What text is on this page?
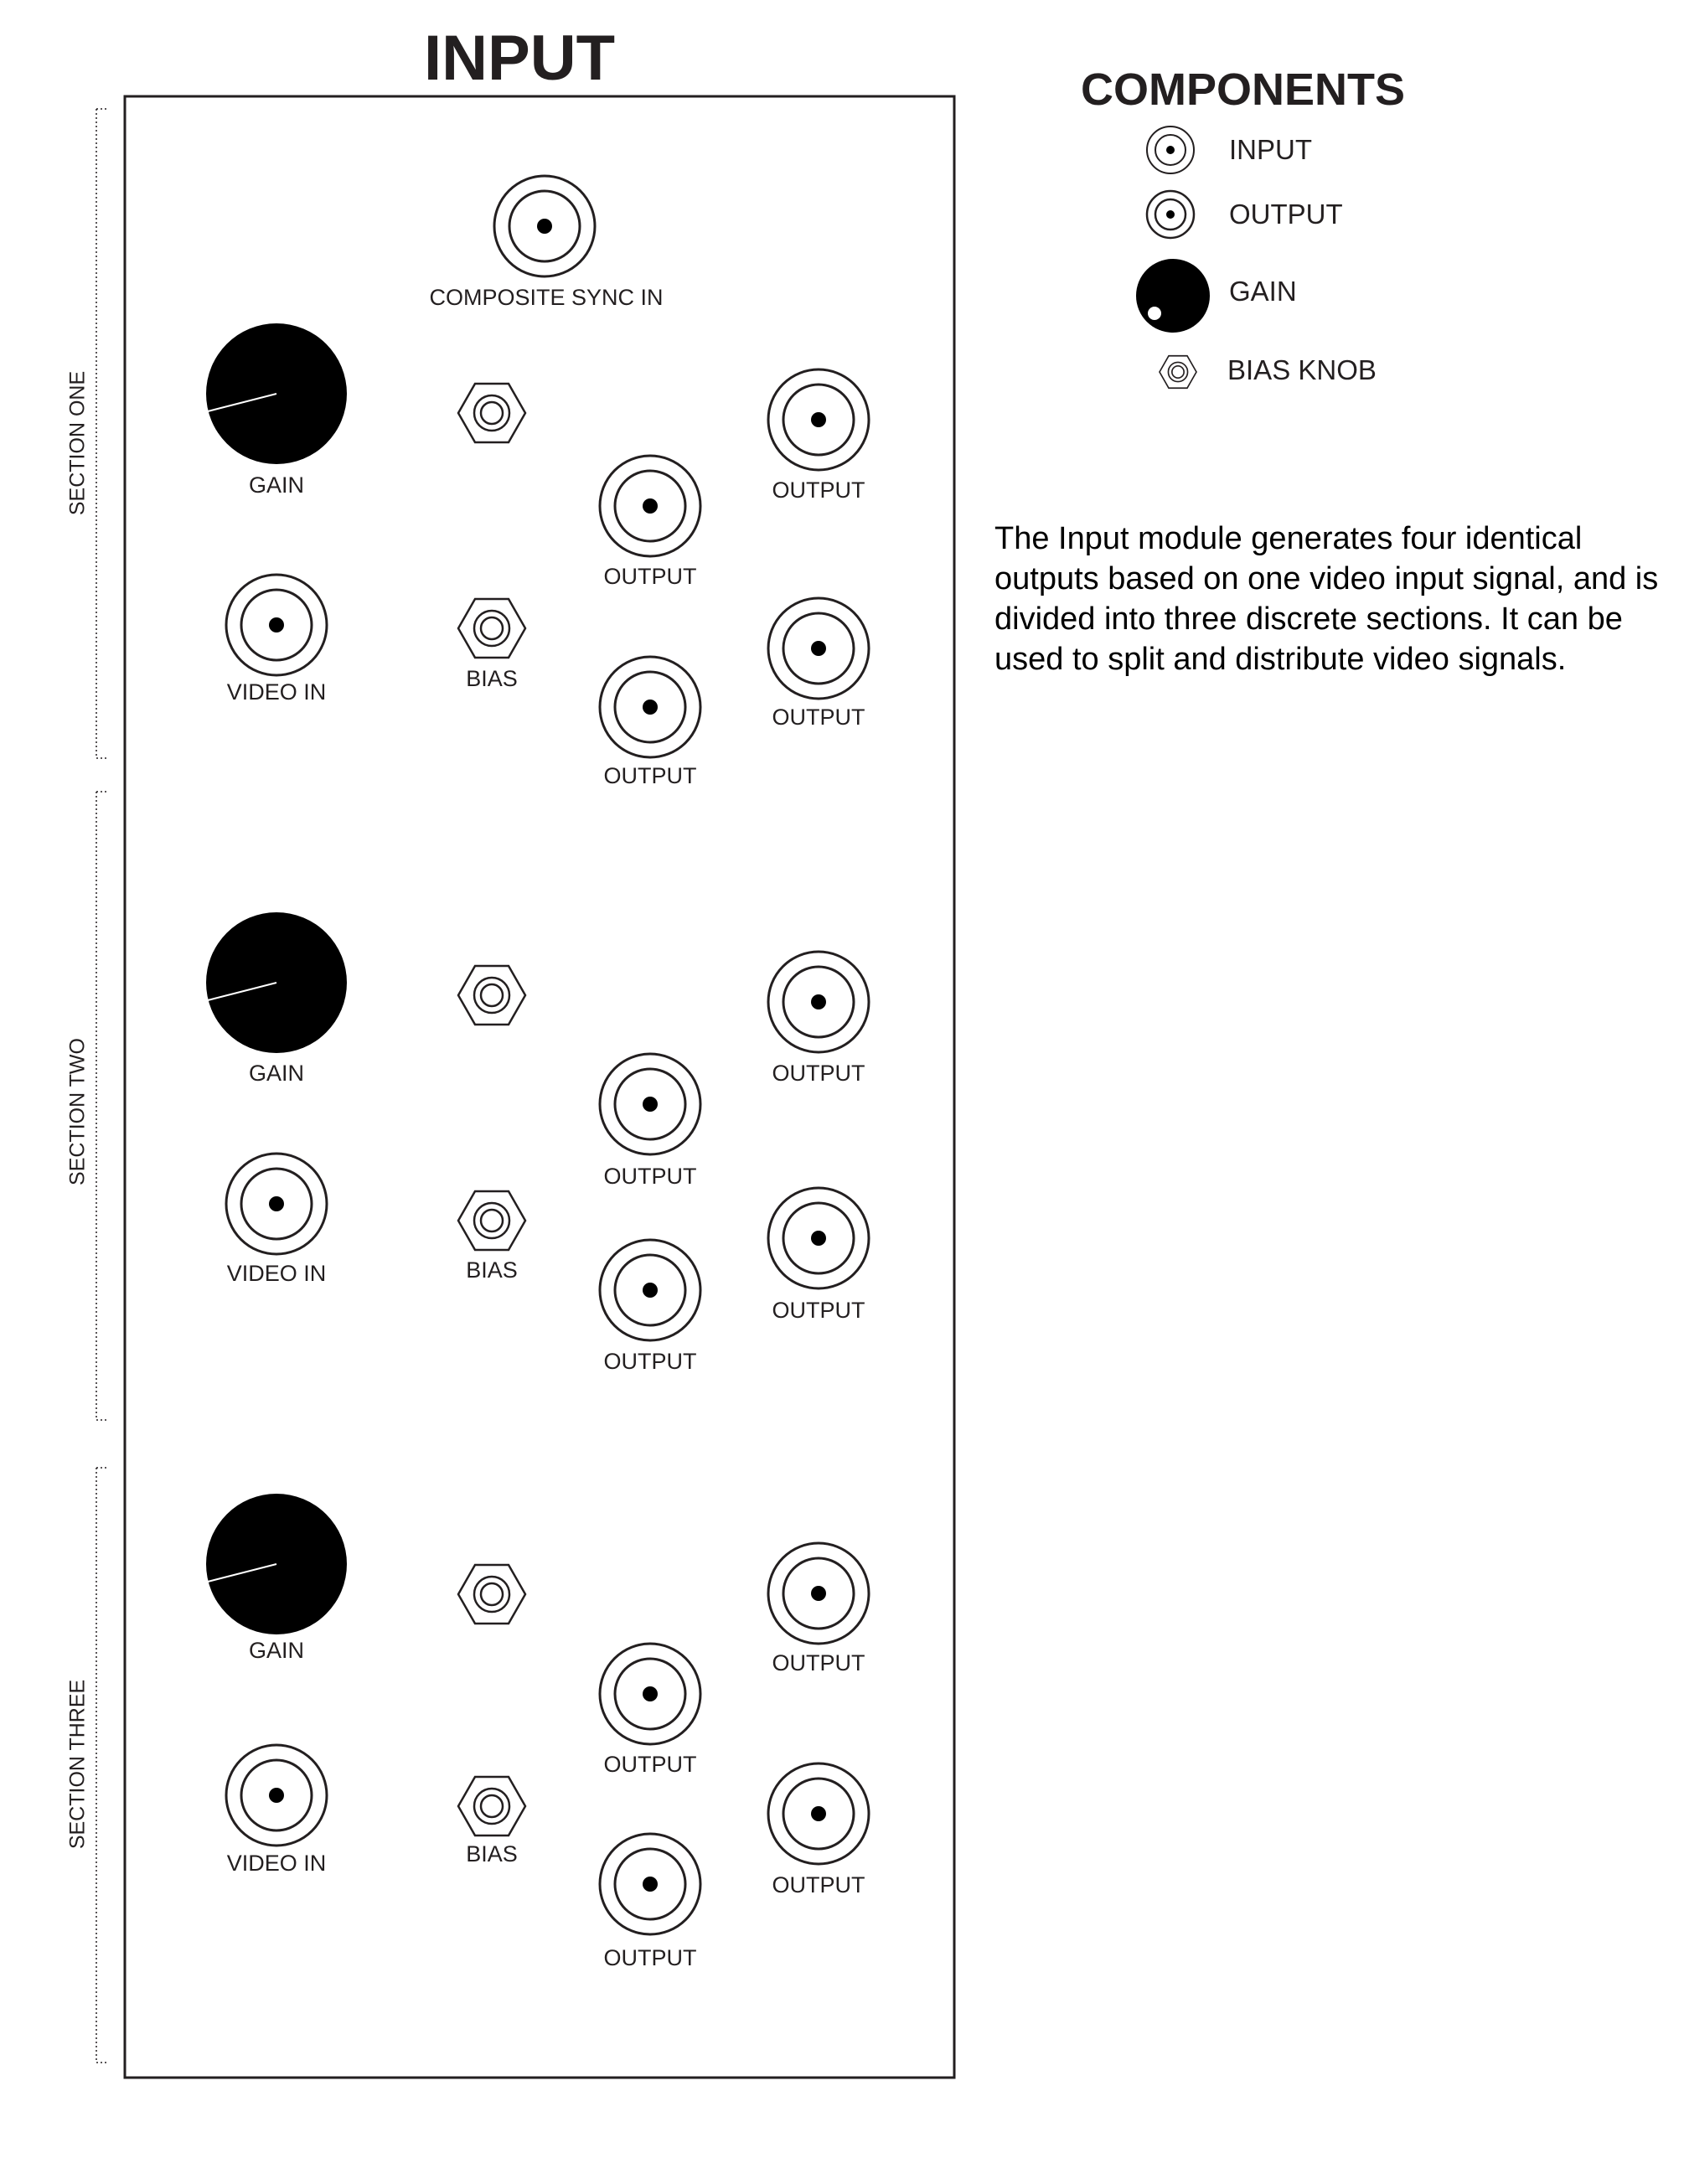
INPUT
SECTION ONE
SECTION TWO
SECTION THREE
COMPOSITE SYNC IN
GAIN
VIDEO IN
BIAS
OUTPUT
OUTPUT
OUTPUT
OUTPUT
GAIN
VIDEO IN	BIAS
OUTPUT
OUTPUT
OUTPUT
OUTPUT
GAIN
VIDEO IN	BIAS
OUTPUT
OUTPUT
OUTPUT
OUTPUT
COMPONENTS
INPUT
OUTPUT
GAIN
BIAS KNOB

The Input module generates four identical outputs based on one video input signal, and is divided into three discrete sections. It can be used to split and distribute video signals.
